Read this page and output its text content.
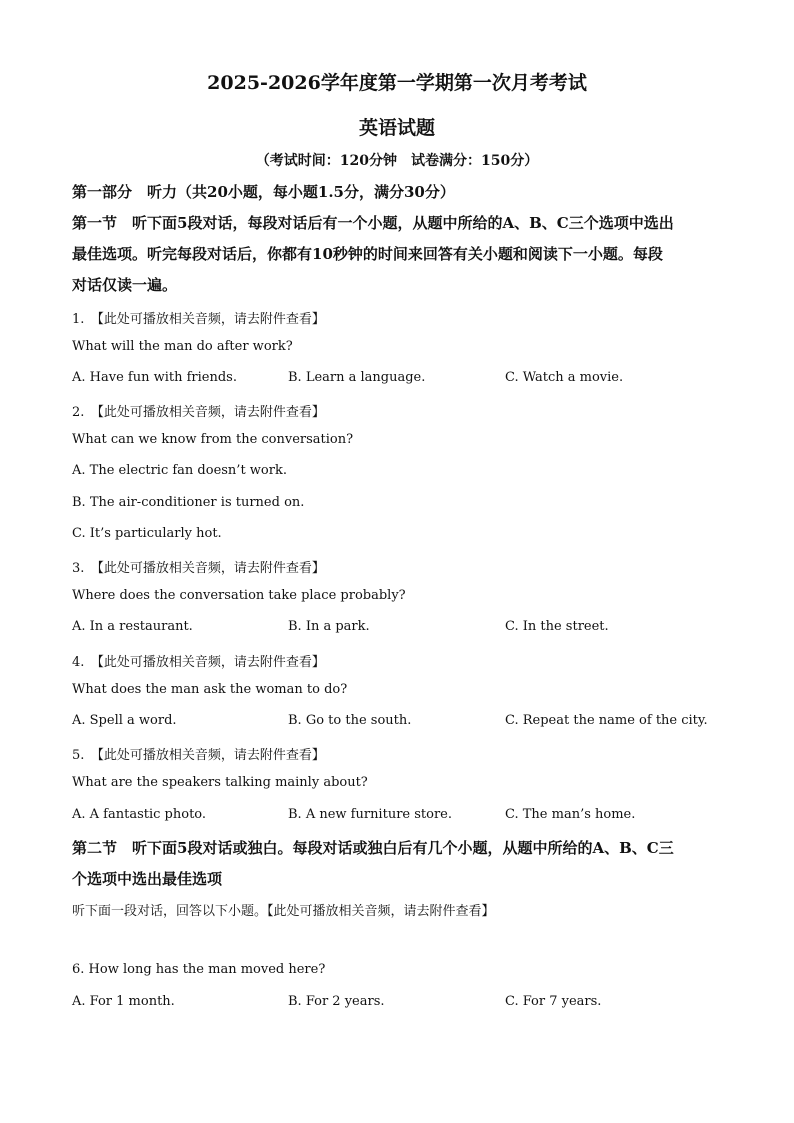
2025-2026学年度第一学期第一次月考考试
英语试题
（考试时间：120分钟　试卷满分：150分）
第一部分　听力（共20小题，每小题1.5分，满分30分）
第一节　听下面5段对话，每段对话后有一个小题，从题中所给的A、B、C三个选项中选出
最佳选项。听完每段对话后，你都有10秒钟的时间来回答有关小题和阅读下一小题。每段
对话仅读一遍。
1.　【此处可播放相关音频，请去附件查看】
What will the man do after work?
A. Have fun with friends.	B. Learn a language.	C. Watch a movie.
2.　【此处可播放相关音频，请去附件查看】
What can we know from the conversation?
A. The electric fan doesn’t work.
B. The air-conditioner is turned on.
C. It’s particularly hot.
3.　【此处可播放相关音频，请去附件查看】
Where does the conversation take place probably?
A. In a restaurant.	B. In a park.	C. In the street.
4.　【此处可播放相关音频，请去附件查看】
What does the man ask the woman to do?
A. Spell a word.	B. Go to the south.	C. Repeat the name of the city.
5.　【此处可播放相关音频，请去附件查看】
What are the speakers talking mainly about?
A. A fantastic photo.	B. A new furniture store.	C. The man’s home.
第二节　听下面5段对话或独白。每段对话或独白后有几个小题，从题中所给的A、B、C三
个选项中选出最佳选项
听下面一段对话，回答以下小题。【此处可播放相关音频，请去附件查看】
6. How long has the man moved here?
A. For 1 month.	B. For 2 years.	C. For 7 years.
